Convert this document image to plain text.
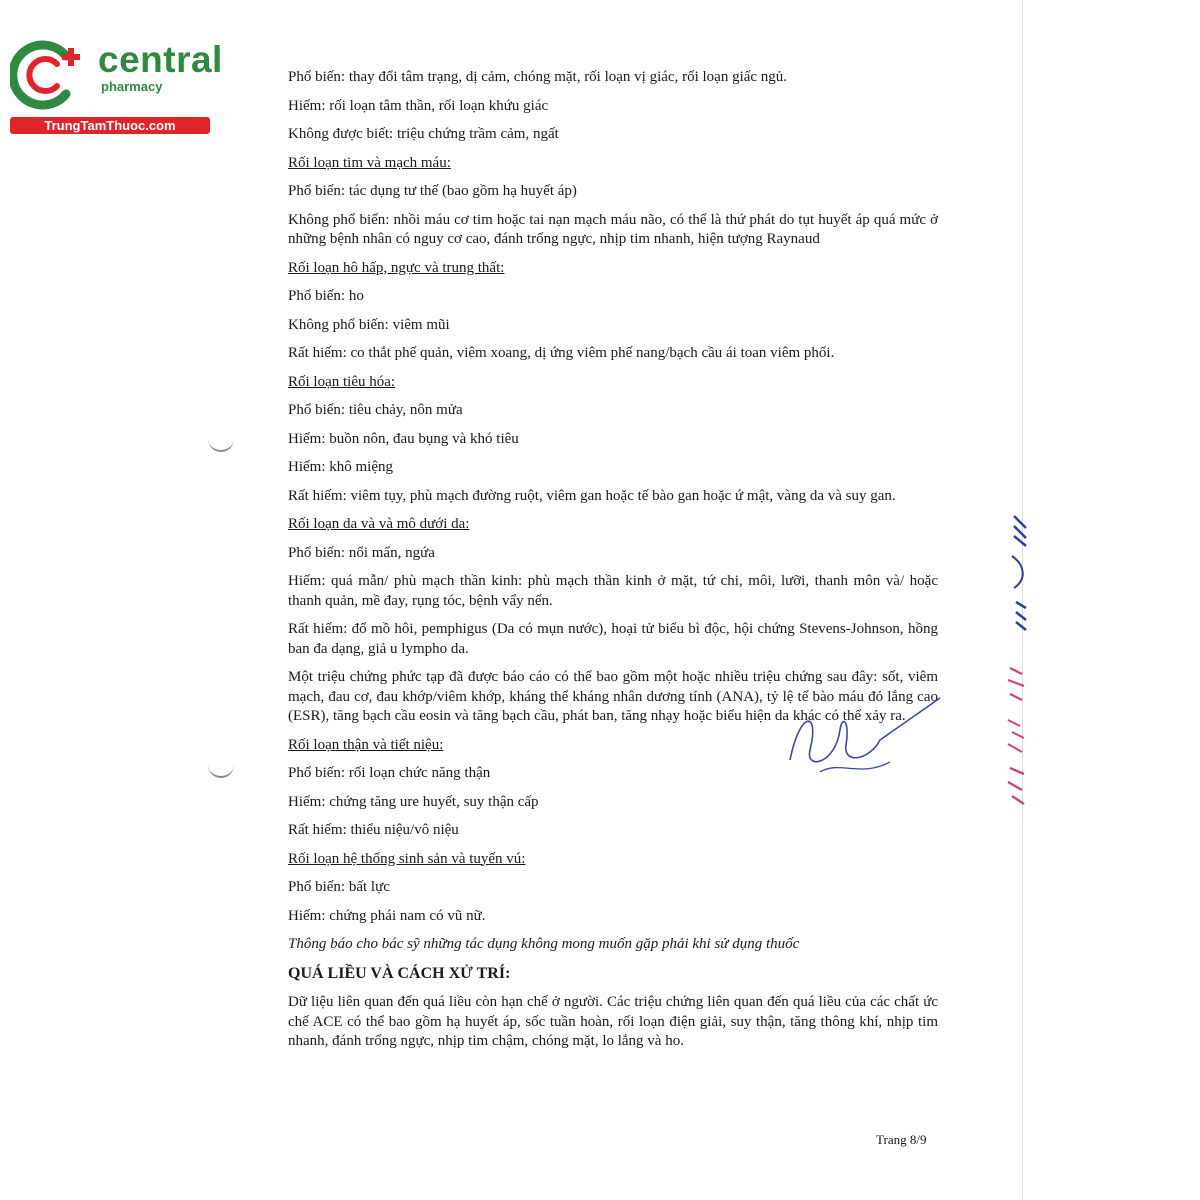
central
pharmacy
TrungTamThuoc.com

Phổ biến: thay đổi tâm trạng, dị cảm, chóng mặt, rối loạn vị giác, rối loạn giấc ngủ.

Hiếm: rối loạn tâm thần, rối loạn khứu giác

Không được biết: triệu chứng trầm cảm, ngất

Rối loạn tim và mạch máu:

Phổ biến: tác dụng tư thế (bao gồm hạ huyết áp)

Không phổ biến: nhồi máu cơ tim hoặc tai nạn mạch máu não, có thể là thứ phát do tụt huyết áp quá mức ở những bệnh nhân có nguy cơ cao, đánh trống ngực, nhịp tim nhanh, hiện tượng Raynaud

Rối loạn hô hấp, ngực và trung thất:

Phổ biến: ho

Không phổ biến: viêm mũi

Rất hiếm: co thắt phế quản, viêm xoang, dị ứng viêm phế nang/bạch cầu ái toan viêm phổi.

Rối loạn tiêu hóa:

Phổ biến: tiêu chảy, nôn mửa

Hiếm: buồn nôn, đau bụng và khó tiêu

Hiếm: khô miệng

Rất hiếm: viêm tụy, phù mạch đường ruột, viêm gan hoặc tế bào gan hoặc ứ mật, vàng da và suy gan.

Rối loạn da và và mô dưới da:

Phổ biến: nổi mẩn, ngứa

Hiếm: quá mẫn/ phù mạch thần kinh: phù mạch thần kinh ở mặt, tứ chi, môi, lưỡi, thanh môn và/ hoặc thanh quản, mề đay, rụng tóc, bệnh vẩy nến.

Rất hiếm: đổ mồ hôi, pemphigus (Da có mụn nước), hoại tử biểu bì độc, hội chứng Stevens-Johnson, hồng ban đa dạng, giả u lympho da.

Một triệu chứng phức tạp đã được báo cáo có thể bao gồm một hoặc nhiều triệu chứng sau đây: sốt, viêm mạch, đau cơ, đau khớp/viêm khớp, kháng thể kháng nhân dương tính (ANA), tỷ lệ tế bào máu đỏ lắng cao (ESR), tăng bạch cầu eosin và tăng bạch cầu, phát ban, tăng nhạy hoặc biểu hiện da khác có thể xảy ra.

Rối loạn thận và tiết niệu:

Phổ biến: rối loạn chức năng thận

Hiếm: chứng tăng ure huyết, suy thận cấp

Rất hiếm: thiểu niệu/vô niệu

Rối loạn hệ thống sinh sản và tuyến vú:

Phổ biến: bất lực

Hiếm: chứng phái nam có vũ nữ.

Thông báo cho bác sỹ những tác dụng không mong muốn gặp phải khi sử dụng thuốc

QUÁ LIỀU VÀ CÁCH XỬ TRÍ:

Dữ liệu liên quan đến quá liều còn hạn chế ở người. Các triệu chứng liên quan đến quá liều của các chất ức chế ACE có thể bao gồm hạ huyết áp, sốc tuần hoàn, rối loạn điện giải, suy thận, tăng thông khí, nhịp tim nhanh, đánh trống ngực, nhịp tim chậm, chóng mặt, lo lắng và ho.

Trang 8/9
